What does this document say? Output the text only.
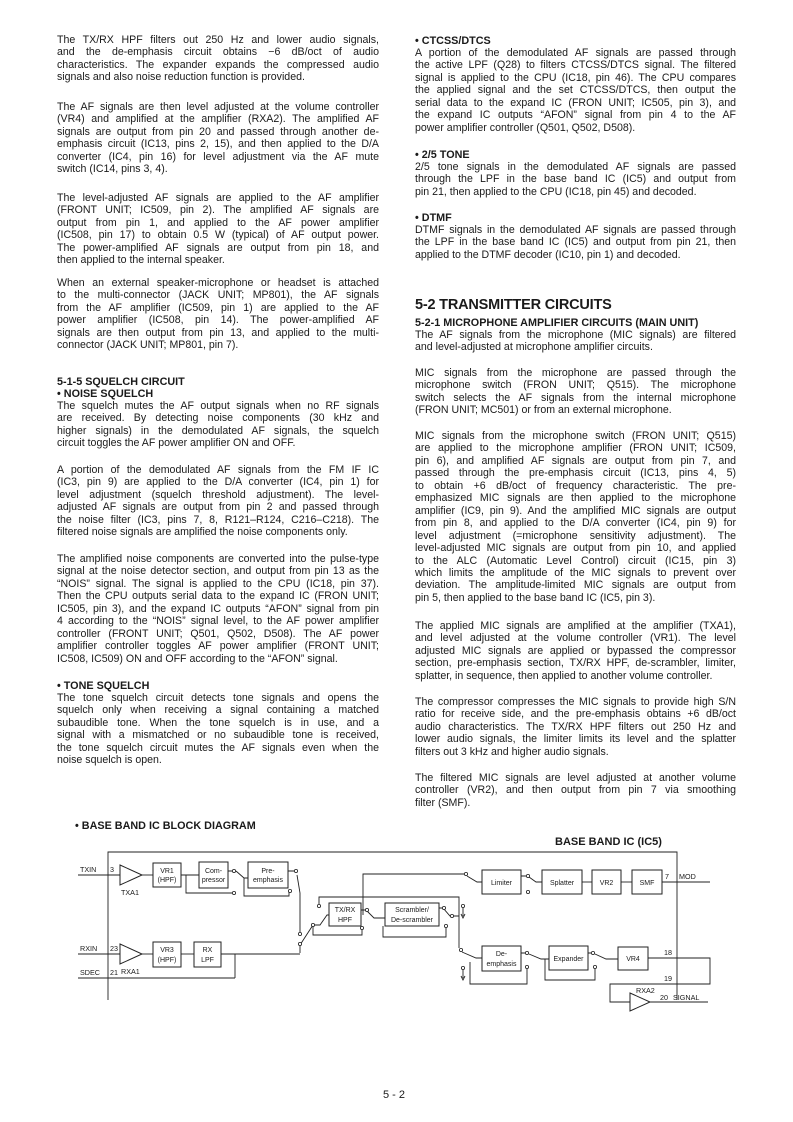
The TX/RX HPF filters out 250 Hz and lower audio signals,
and the de-emphasis circuit obtains −6 dB/oct of audio
characteristics. The expander expands the compressed audio
signals and also noise reduction function is provided.
The AF signals are then level adjusted at the volume controller
(VR4) and amplified at the amplifier (RXA2). The amplified AF
signals are output from pin 20 and passed through another de-
emphasis circuit (IC13, pins 2, 15), and then applied to the D/A
converter (IC4, pin 16) for level adjustment via the AF mute
switch (IC14, pins 3, 4).
The level-adjusted AF signals are applied to the AF amplifier
(FRONT UNIT; IC509, pin 2). The amplified AF signals are
output from pin 1, and applied to the AF power amplifier
(IC508, pin 17) to obtain 0.5 W (typical) of AF output power.
The power-amplified AF signals are output from pin 18, and
then applied to the internal speaker.
When an external speaker-microphone or headset is attached
to the multi-connector (JACK UNIT; MP801), the AF signals
from the AF amplifier (IC509, pin 1) are applied to the AF
power amplifier (IC508, pin 14). The power-amplified AF
signals are then output from pin 13, and applied to the multi-
connector (JACK UNIT; MP801, pin 7).
5-1-5 SQUELCH CIRCUIT
• NOISE SQUELCH
The squelch mutes the AF output signals when no RF signals
are received. By detecting noise components (30 kHz and
higher signals) in the demodulated AF signals, the squelch
circuit toggles the AF power amplifier ON and OFF.
A portion of the demodulated AF signals from the FM IF IC
(IC3, pin 9) are applied to the D/A converter (IC4, pin 1) for
level adjustment (squelch threshold adjustment). The level-
adjusted AF signals are output from pin 2 and passed through
the noise filter (IC3, pins 7, 8, R121–R124, C216–C218). The
filtered noise signals are amplified the noise components only.
The amplified noise components are converted into the pulse-type
signal at the noise detector section, and output from pin 13 as the
“NOIS” signal. The signal is applied to the CPU (IC18, pin 37).
Then the CPU outputs serial data to the expand IC (FRON UNIT;
IC505, pin 3), and the expand IC outputs “AFON” signal from pin
4 according to the “NOIS” signal level, to the AF power amplifier
controller (FRONT UNIT; Q501, Q502, D508). The AF power
amplifier controller toggles AF power amplifier (FRONT UNIT;
IC508, IC509) ON and OFF according to the “AFON” signal.
• TONE SQUELCH
The tone squelch circuit detects tone signals and opens the
squelch only when receiving a signal containing a matched
subaudible tone. When the tone squelch is in use, and a
signal with a mismatched or no subaudible tone is received,
the tone squelch circuit mutes the AF signals even when the
noise squelch is open.
• CTCSS/DTCS
A portion of the demodulated AF signals are passed through
the active LPF (Q28) to filters CTCSS/DTCS signal. The filtered
signal is applied to the CPU (IC18, pin 46). The CPU compares
the applied signal and the set CTCSS/DTCS, then output the
serial data to the expand IC (FRON UNIT; IC505, pin 3), and
the expand IC outputs “AFON” signal from pin 4 to the AF
power amplifier controller (Q501, Q502, D508).
• 2/5 TONE
2/5 tone signals in the demodulated AF signals are passed
through the LPF in the base band IC (IC5) and output from
pin 21, then applied to the CPU (IC18, pin 45) and decoded.
• DTMF
DTMF signals in the demodulated AF signals are passed through
the LPF in the base band IC (IC5) and output from pin 21, then
applied to the DTMF decoder (IC10, pin 1) and decoded.
5-2 TRANSMITTER CIRCUITS
5-2-1 MICROPHONE AMPLIFIER CIRCUITS (MAIN UNIT)
The AF signals from the microphone (MIC signals) are filtered
and level-adjusted at microphone amplifier circuits.
MIC signals from the microphone are passed through the
microphone switch (FRON UNIT; Q515). The microphone
switch selects the AF signals from the internal microphone
(FRON UNIT; MC501) or from an external microphone.
MIC signals from the microphone switch (FRON UNIT; Q515)
are applied to the microphone amplifier (FRON UNIT; IC509,
pin 6), and amplified AF signals are output from pin 7, and
passed through the pre-emphasis circuit (IC13, pins 4, 5)
to obtain +6 dB/oct of frequency characteristic. The pre-
emphasized MIC signals are then applied to the microphone
amplifier (IC9, pin 9). And the amplified MIC signals are output
from pin 8, and applied to the D/A converter (IC4, pin 9) for
level adjustment (=microphone sensitivity adjustment). The
level-adjusted MIC signals are output from pin 10, and applied
to the ALC (Automatic Level Control) circuit (IC15, pin 3)
which limits the amplitude of the MIC signals to prevent over
deviation. The amplitude-limited MIC signals are output from
pin 5, then applied to the base band IC (IC5, pin 3).
The applied MIC signals are amplified at the amplifier (TXA1),
and level adjusted at the volume controller (VR1). The level
adjusted MIC signals are applied or bypassed the compressor
section, pre-emphasis section, TX/RX HPF, de-scrambler, limiter,
splatter, in sequence, then applied to another volume controller.
The compressor compresses the MIC signals to provide high S/N
ratio for receive side, and the pre-emphasis obtains +6 dB/oct
audio characteristics. The TX/RX HPF filters out 250 Hz and
lower audio signals, the limiter limits its level and the splatter
filters out 3 kHz and higher audio signals.
The filtered MIC signals are level adjusted at another volume
controller (VR2), and then output from pin 7 via smoothing
filter (SMF).
• BASE BAND IC BLOCK DIAGRAM
BASE BAND IC (IC5)
TXIN 3
TXA1
VR1
(HPF)
Com-
pressor
Pre-
emphasis
TX/RX
HPF
Scrambler/
De-scrambler
Limiter	Splatter	VR2	SMF
7 MOD
RXIN 23
RXA1
VR3
(HPF)
RX
LPF
SDEC 21
De-
emphasis
Expander	VR4
18
19
RXA2
20 SIGNAL
5 - 2
